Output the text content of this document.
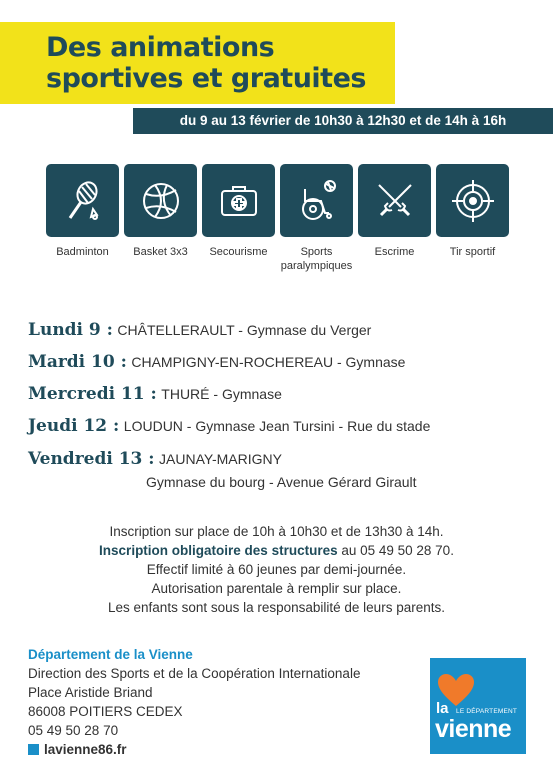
Des animations
sportives et gratuites
du 9 au 13 février de 10h30 à 12h30 et de 14h à 16h
Badminton	Basket 3x3	Secourisme	Sports paralympiques
Escrime	Tir sportif
Lundi 9 : CHÂTELLERAULT - Gymnase du Verger
Mardi 10 : CHAMPIGNY-EN-ROCHEREAU - Gymnase
Mercredi 11 : THURÉ - Gymnase
Jeudi 12 : LOUDUN - Gymnase Jean Tursini - Rue du stade
Vendredi 13 : JAUNAY-MARIGNY
Gymnase du bourg - Avenue Gérard Girault
Inscription sur place de 10h à 10h30 et de 13h30 à 14h.
Inscription obligatoire des structures au 05 49 50 28 70.
Effectif limité à 60 jeunes par demi-journée.
Autorisation parentale à remplir sur place.
Les enfants sont sous la responsabilité de leurs parents.
Département de la Vienne
Direction des Sports et de la Coopération Internationale
Place Aristide Briand
86008 POITIERS CEDEX
05 49 50 28 70
lavienne86.fr
LE DÉPARTEMENT
la
vienne
